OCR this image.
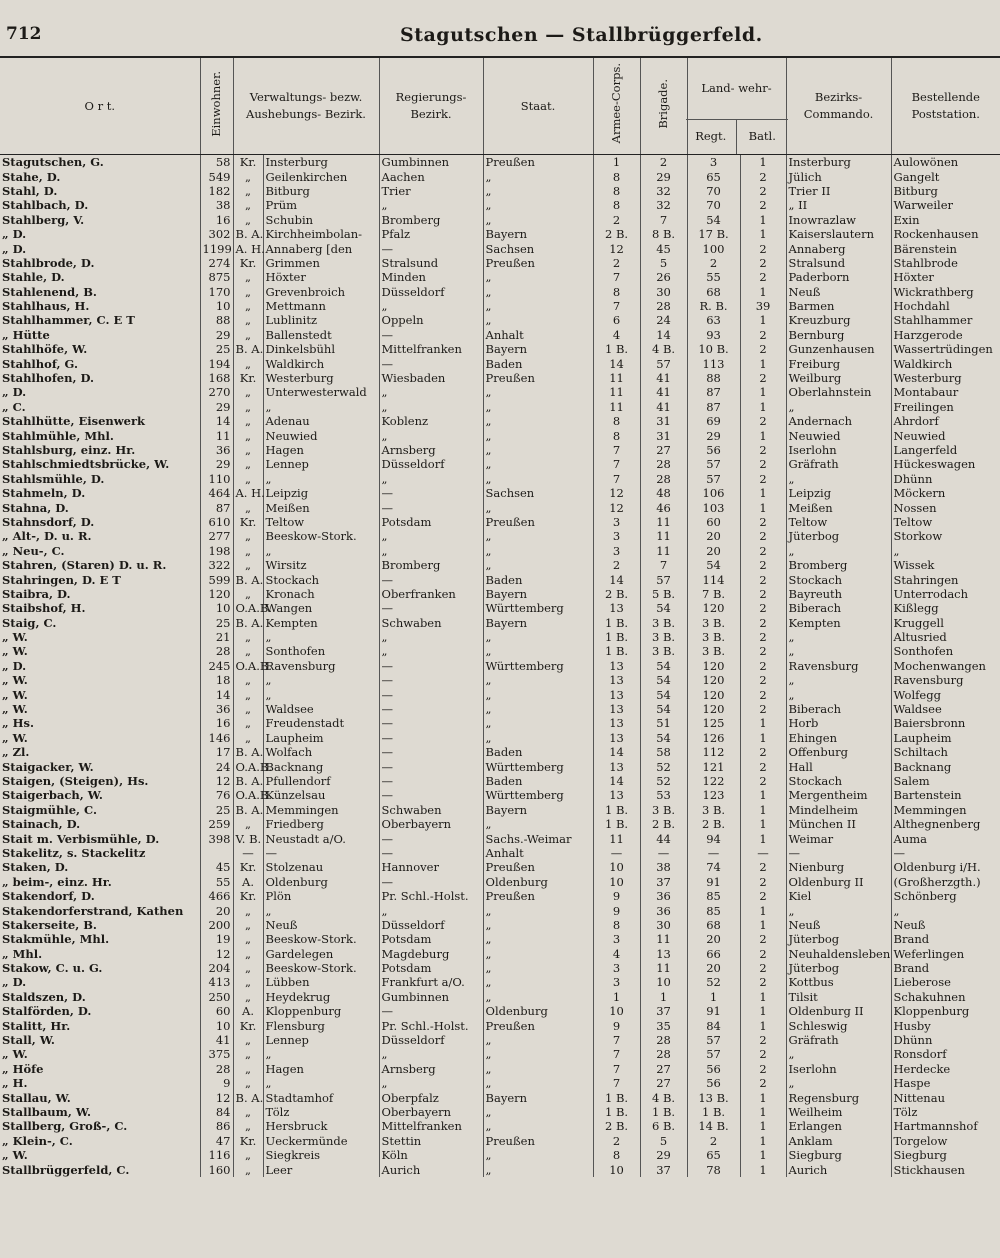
712	Stagutschen — Stallbrüggerfeld.
O r t.	Einwohner.	Verwaltungs- bezw. Aushebungs- Bezirk.		Regierungs- Bezirk.	Staat.	Armee-Corps.	Brigade.	Land- wehr-
Regt. Batl.		Bezirks- Commando.	Bestellende Poststation.
Stagutschen, G.	58	Kr.	Insterburg	Gumbinnen	Preußen	1	2	3	1	Insterburg	Aulowönen
Stahe, D.	549	„	Geilenkirchen	Aachen	„	8	29	65	2	Jülich	Gangelt
Stahl, D.	182	„	Bitburg	Trier	„	8	32	70	2	Trier II	Bitburg
Stahlbach, D.	38	„	Prüm	„	„	8	32	70	2	„ II	Warweiler
Stahlberg, V.	16	„	Schubin	Bromberg	„	2	7	54	1	Inowrazlaw	Exin
„ D.	302	B. A.	Kirchheimbolan-	Pfalz	Bayern	2 B.	8 B.	17 B.	1	Kaiserslautern	Rockenhausen
„ D.	1199	A. H.	Annaberg [den	—	Sachsen	12	45	100	2	Annaberg	Bärenstein
Stahlbrode, D.	274	Kr.	Grimmen	Stralsund	Preußen	2	5	2	2	Stralsund	Stahlbrode
Stahle, D.	875	„	Höxter	Minden	„	7	26	55	2	Paderborn	Höxter
Stahlenend, B.	170	„	Grevenbroich	Düsseldorf	„	8	30	68	1	Neuß	Wickrathberg
Stahlhaus, H.	10	„	Mettmann	„	„	7	28	R. B.	39	Barmen	Hochdahl
Stahlhammer, C. E T	88	„	Lublinitz	Oppeln	„	6	24	63	1	Kreuzburg	Stahlhammer
„ Hütte	29	„	Ballenstedt	—	Anhalt	4	14	93	2	Bernburg	Harzgerode
Stahlhöfe, W.	25	B. A.	Dinkelsbühl	Mittelfranken	Bayern	1 B.	4 B.	10 B.	2	Gunzenhausen	Wassertrüdingen
Stahlhof, G.	194	„	Waldkirch	—	Baden	14	57	113	1	Freiburg	Waldkirch
Stahlhofen, D.	168	Kr.	Westerburg	Wiesbaden	Preußen	11	41	88	2	Weilburg	Westerburg
„ D.	270	„	Unterwesterwald	„	„	11	41	87	1	Oberlahnstein	Montabaur
„ C.	29	„	„	„	„	11	41	87	1	„	Freilingen
Stahlhütte, Eisenwerk	14	„	Adenau	Koblenz	„	8	31	69	2	Andernach	Ahrdorf
Stahlmühle, Mhl.	11	„	Neuwied	„	„	8	31	29	1	Neuwied	Neuwied
Stahlsburg, einz. Hr.	36	„	Hagen	Arnsberg	„	7	27	56	2	Iserlohn	Langerfeld
Stahlschmiedtsbrücke, W.	29	„	Lennep	Düsseldorf	„	7	28	57	2	Gräfrath	Hückeswagen
Stahlsmühle, D.	110	„	„	„	„	7	28	57	2	„	Dhünn
Stahmeln, D.	464	A. H.	Leipzig	—	Sachsen	12	48	106	1	Leipzig	Möckern
Stahna, D.	87	„	Meißen	—	„	12	46	103	1	Meißen	Nossen
Stahnsdorf, D.	610	Kr.	Teltow	Potsdam	Preußen	3	11	60	2	Teltow	Teltow
„ Alt-, D. u. R.	277	„	Beeskow-Stork.	„	„	3	11	20	2	Jüterbog	Storkow
„ Neu-, C.	198	„	„	„	„	3	11	20	2	„	„
Stahren, (Staren) D. u. R.	322	„	Wirsitz	Bromberg	„	2	7	54	2	Bromberg	Wissek
Stahringen, D. E T	599	B. A.	Stockach	—	Baden	14	57	114	2	Stockach	Stahringen
Staibra, D.	120	„	Kronach	Oberfranken	Bayern	2 B.	5 B.	7 B.	2	Bayreuth	Unterrodach
Staibshof, H.	10	O.A.B.	Wangen	—	Württemberg	13	54	120	2	Biberach	Kißlegg
Staig, C.	25	B. A.	Kempten	Schwaben	Bayern	1 B.	3 B.	3 B.	2	Kempten	Kruggell
„ W.	21	„	„	„	„	1 B.	3 B.	3 B.	2	„	Altusried
„ W.	28	„	Sonthofen	„	„	1 B.	3 B.	3 B.	2	„	Sonthofen
„ D.	245	O.A.B.	Ravensburg	—	Württemberg	13	54	120	2	Ravensburg	Mochenwangen
„ W.	18	„	„	—	„	13	54	120	2	„	Ravensburg
„ W.	14	„	„	—	„	13	54	120	2	„	Wolfegg
„ W.	36	„	Waldsee	—	„	13	54	120	2	Biberach	Waldsee
„ Hs.	16	„	Freudenstadt	—	„	13	51	125	1	Horb	Baiersbronn
„ W.	146	„	Laupheim	—	„	13	54	126	1	Ehingen	Laupheim
„ Zl.	17	B. A.	Wolfach	—	Baden	14	58	112	2	Offenburg	Schiltach
Staigacker, W.	24	O.A.B.	Backnang	—	Württemberg	13	52	121	2	Hall	Backnang
Staigen, (Steigen), Hs.	12	B. A.	Pfullendorf	—	Baden	14	52	122	2	Stockach	Salem
Staigerbach, W.	76	O.A.B.	Künzelsau	—	Württemberg	13	53	123	1	Mergentheim	Bartenstein
Staigmühle, C.	25	B. A.	Memmingen	Schwaben	Bayern	1 B.	3 B.	3 B.	1	Mindelheim	Memmingen
Stainach, D.	259	„	Friedberg	Oberbayern	„	1 B.	2 B.	2 B.	1	München II	Althegnenberg
Stait m. Verbismühle, D.	398	V. B.	Neustadt a/O.	—	Sachs.-Weimar	11	44	94	1	Weimar	Auma
Stakelitz, s. Stackelitz		—	—	—	Anhalt	—	—	—	—	—	—
Staken, D.	45	Kr.	Stolzenau	Hannover	Preußen	10	38	74	2	Nienburg	Oldenburg i/H.
„ beim-, einz. Hr.	55	A.	Oldenburg	—	Oldenburg	10	37	91	2	Oldenburg II	(Großherzgth.)
Stakendorf, D.	466	Kr.	Plön	Pr. Schl.-Holst.	Preußen	9	36	85	2	Kiel	Schönberg
Stakendorferstrand, Kathen	20	„	„	„	„	9	36	85	1	„	„
Stakerseite, B.	200	„	Neuß	Düsseldorf	„	8	30	68	1	Neuß	Neuß
Stakmühle, Mhl.	19	„	Beeskow-Stork.	Potsdam	„	3	11	20	2	Jüterbog	Brand
„ Mhl.	12	„	Gardelegen	Magdeburg	„	4	13	66	2	Neuhaldensleben	Weferlingen
Stakow, C. u. G.	204	„	Beeskow-Stork.	Potsdam	„	3	11	20	2	Jüterbog	Brand
„ D.	413	„	Lübben	Frankfurt a/O.	„	3	10	52	2	Kottbus	Lieberose
Staldszen, D.	250	„	Heydekrug	Gumbinnen	„	1	1	1	1	Tilsit	Schakuhnen
Stalförden, D.	60	A.	Kloppenburg	—	Oldenburg	10	37	91	1	Oldenburg II	Kloppenburg
Stalitt, Hr.	10	Kr.	Flensburg	Pr. Schl.-Holst.	Preußen	9	35	84	1	Schleswig	Husby
Stall, W.	41	„	Lennep	Düsseldorf	„	7	28	57	2	Gräfrath	Dhünn
„ W.	375	„	„	„	„	7	28	57	2	„	Ronsdorf
„ Höfe	28	„	Hagen	Arnsberg	„	7	27	56	2	Iserlohn	Herdecke
„ H.	9	„	„	„	„	7	27	56	2	„	Haspe
Stallau, W.	12	B. A.	Stadtamhof	Oberpfalz	Bayern	1 B.	4 B.	13 B.	1	Regensburg	Nittenau
Stallbaum, W.	84	„	Tölz	Oberbayern	„	1 B.	1 B.	1 B.	1	Weilheim	Tölz
Stallberg, Groß-, C.	86	„	Hersbruck	Mittelfranken	„	2 B.	6 B.	14 B.	1	Erlangen	Hartmannshof
„ Klein-, C.	47	Kr.	Ueckermünde	Stettin	Preußen	2	5	2	1	Anklam	Torgelow
„ W.	116	„	Siegkreis	Köln	„	8	29	65	1	Siegburg	Siegburg
Stallbrüggerfeld, C.	160	„	Leer	Aurich	„	10	37	78	1	Aurich	Stickhausen
